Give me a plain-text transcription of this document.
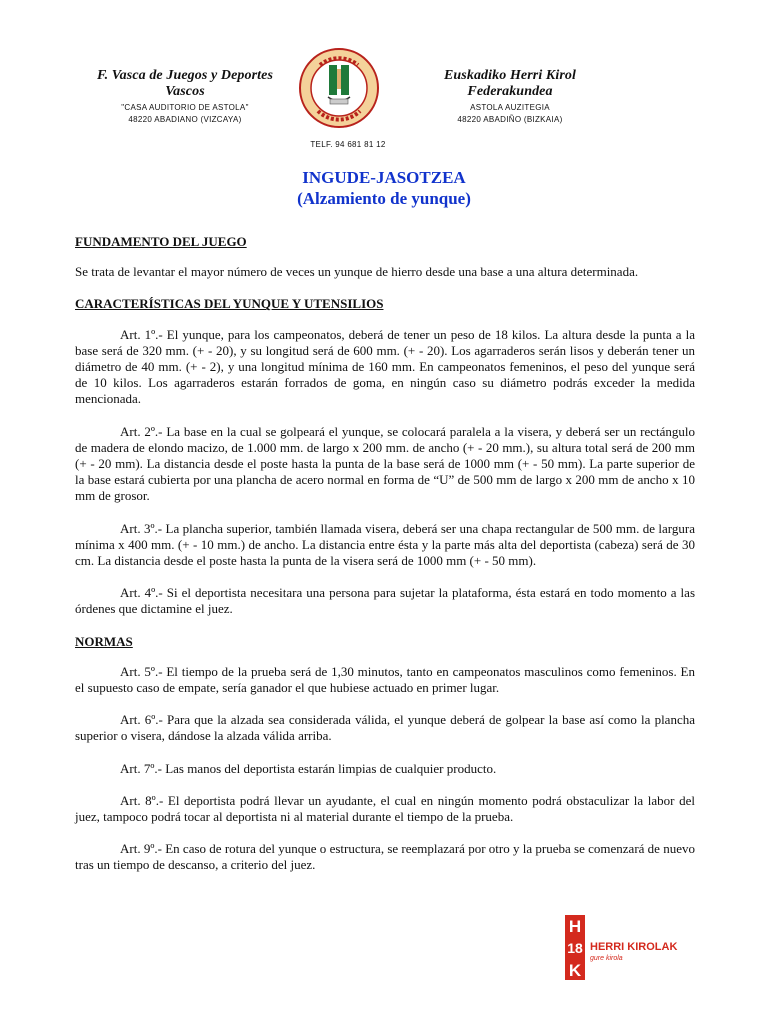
F. Vasca de Juegos y Deportes Vascos
"CASA AUDITORIO DE ASTOLA"
48220 ABADIANO (VIZCAYA)
Euskadiko Herri Kirol Federakundea
ASTOLA AUZITEGIA
48220 ABADIÑO (BIZKAIA)
TELF. 94 681 81 12
INGUDE-JASOTZEA
(Alzamiento de yunque)
FUNDAMENTO DEL JUEGO

Se trata de levantar el mayor número de veces un yunque de hierro desde una base a una altura determinada.

CARACTERÍSTICAS DEL YUNQUE Y UTENSILIOS

Art. 1º.- El yunque, para los campeonatos, deberá de tener un peso de 18 kilos. La altura desde la punta a la base será de 320 mm. (+ - 20), y su longitud será de 600 mm. (+ - 20). Los agarraderos serán lisos y deberán tener un diámetro de 40 mm. (+ - 2), y una longitud mínima de 160 mm. En campeonatos femeninos, el peso del yunque será de 10 kilos. Los agarraderos estarán forrados de goma, en ningún caso su diámetro podrás exceder la medida mencionada.

Art. 2º.- La base en la cual se golpeará el yunque, se colocará paralela a la visera, y deberá ser un rectángulo de madera de elondo macizo, de 1.000 mm. de largo x 200 mm. de ancho (+ - 20 mm.), su altura total será de 200 mm (+ - 20 mm). La distancia desde el poste hasta la punta de la base será de 1000 mm (+ - 50 mm). La parte superior de la base estará cubierta por una plancha de acero normal en forma de “U” de 500 mm de largo x 200 mm de ancho x 10 mm de grosor.

Art. 3º.- La plancha superior, también llamada visera, deberá ser una chapa rectangular de 500 mm. de largura mínima x 400 mm. (+ - 10 mm.) de ancho. La distancia entre ésta y la parte más alta del deportista (cabeza) será de 30 cm. La distancia desde el poste hasta la punta de la visera será de 1000 mm (+ - 50 mm).

Art. 4º.- Si el deportista necesitara una persona para sujetar la plataforma, ésta estará en todo momento a las órdenes que dictamine el juez.

NORMAS

Art. 5º.- El tiempo de la prueba será de 1,30 minutos, tanto en campeonatos masculinos como femeninos. En el supuesto caso de empate, sería ganador el que hubiese actuado en primer lugar.

Art. 6º.- Para que la alzada sea considerada válida, el yunque deberá de golpear la base así como la plancha superior o visera, dándose la alzada válida arriba.

Art. 7º.- Las manos del deportista estarán limpias de cualquier producto.

Art. 8º.- El deportista podrá llevar un ayudante, el cual en ningún momento podrá obstaculizar la labor del juez, tampoco podrá tocar al deportista ni al material durante el tiempo de la prueba.

Art. 9º.- En caso de rotura del yunque o estructura, se reemplazará por otro y la prueba se comenzará de nuevo tras un tiempo de descanso, a criterio del juez.

H
18
K
HERRI KIROLAK
gure kirola
